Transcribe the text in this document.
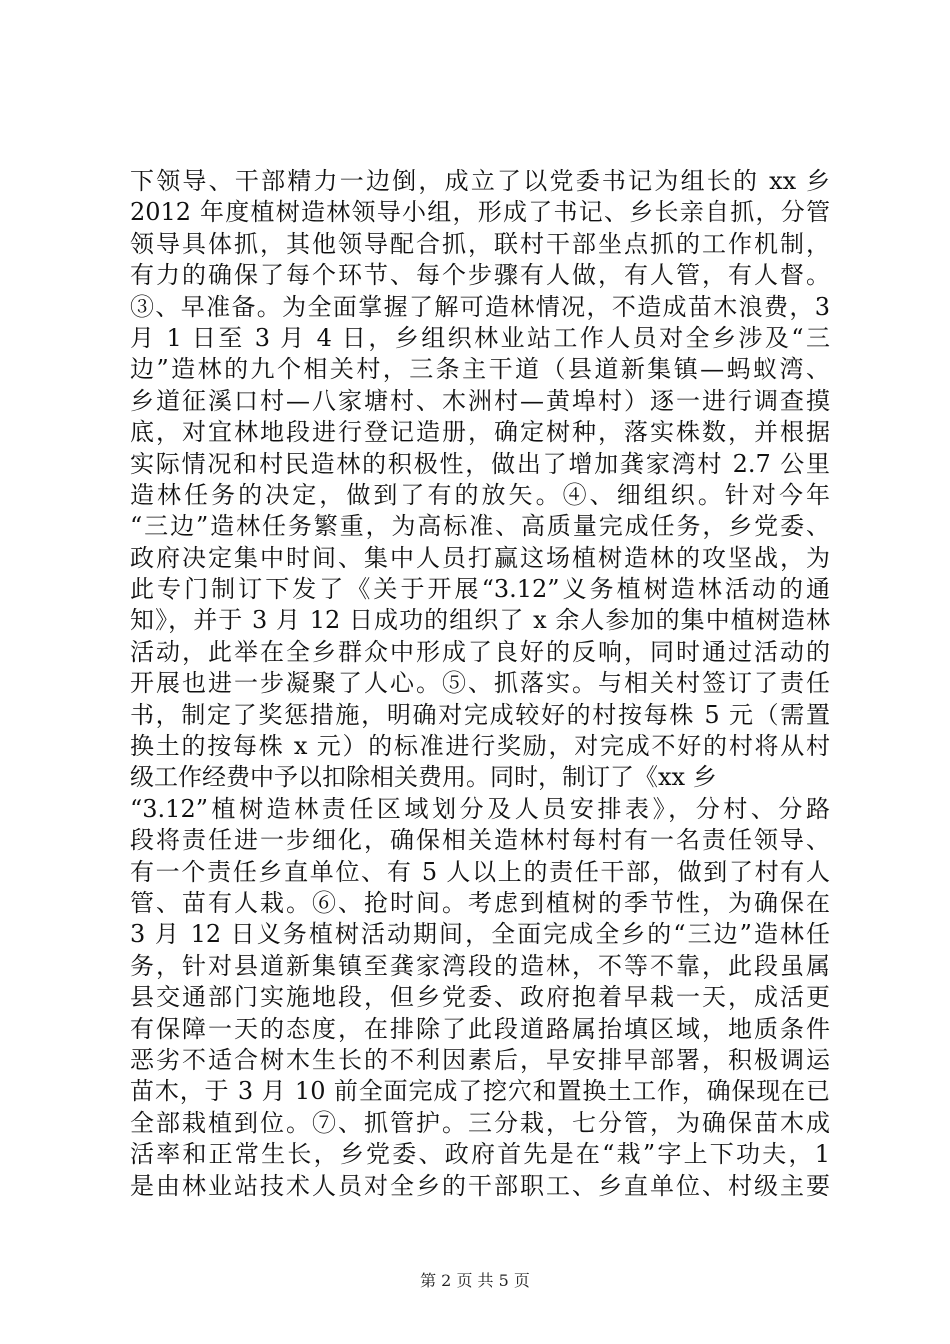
下领导、干部精力一边倒，成立了以党委书记为组长的 xx 乡
2012 年度植树造林领导小组，形成了书记、乡长亲自抓，分管
领导具体抓，其他领导配合抓，联村干部坐点抓的工作机制，
有力的确保了每个环节、每个步骤有人做，有人管，有人督。
③、早准备。为全面掌握了解可造林情况，不造成苗木浪费，3
月 1 日至 3 月 4 日，乡组织林业站工作人员对全乡涉及“三
边”造林的九个相关村，三条主干道（县道新集镇—蚂蚁湾、
乡道征溪口村—八家塘村、木洲村—黄埠村）逐一进行调查摸
底，对宜林地段进行登记造册，确定树种，落实株数，并根据
实际情况和村民造林的积极性，做出了增加龚家湾村 2.7 公里
造林任务的决定，做到了有的放矢。④、细组织。针对今年
“三边”造林任务繁重，为高标准、高质量完成任务，乡党委、
政府决定集中时间、集中人员打赢这场植树造林的攻坚战，为
此专门制订下发了《关于开展“3.12”义务植树造林活动的通
知》，并于 3 月 12 日成功的组织了 x 余人参加的集中植树造林
活动，此举在全乡群众中形成了良好的反响，同时通过活动的
开展也进一步凝聚了人心。⑤、抓落实。与相关村签订了责任
书，制定了奖惩措施，明确对完成较好的村按每株 5 元（需置
换土的按每株 x 元）的标准进行奖励，对完成不好的村将从村
级工作经费中予以扣除相关费用。同时，制订了《xx 乡
“3.12”植树造林责任区域划分及人员安排表》，分村、分路
段将责任进一步细化，确保相关造林村每村有一名责任领导、
有一个责任乡直单位、有 5 人以上的责任干部，做到了村有人
管、苗有人栽。⑥、抢时间。考虑到植树的季节性，为确保在
3 月 12 日义务植树活动期间，全面完成全乡的“三边”造林任
务，针对县道新集镇至龚家湾段的造林，不等不靠，此段虽属
县交通部门实施地段，但乡党委、政府抱着早栽一天，成活更
有保障一天的态度，在排除了此段道路属抬填区域，地质条件
恶劣不适合树木生长的不利因素后，早安排早部署，积极调运
苗木，于 3 月 10 前全面完成了挖穴和置换土工作，确保现在已
全部栽植到位。⑦、抓管护。三分栽，七分管，为确保苗木成
活率和正常生长，乡党委、政府首先是在“栽”字上下功夫，1
是由林业站技术人员对全乡的干部职工、乡直单位、村级主要
第 2 页 共 5 页
